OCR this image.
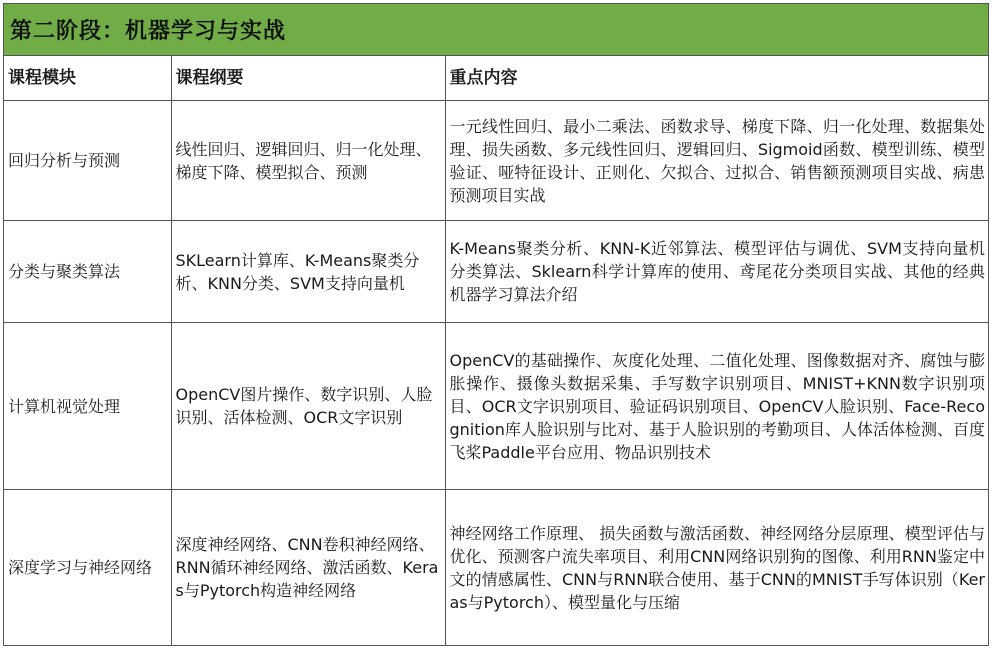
第二阶段：机器学习与实战
课程模块	课程纲要	重点内容
回归分析与预测	线性回归、逻辑回归、归一化处理、梯度下降、模型拟合、预测	一元线性回归、最小二乘法、函数求导、梯度下降、归一化处理、数据集处理、损失函数、多元线性回归、逻辑回归、Sigmoid函数、模型训练、模型验证、哑特征设计、正则化、欠拟合、过拟合、销售额预测项目实战、病患预测项目实战
分类与聚类算法	SKLearn计算库、K-Means聚类分析、KNN分类、SVM支持向量机	K-Means聚类分析、KNN-K近邻算法、模型评估与调优、SVM支持向量机分类算法、Sklearn科学计算库的使用、鸢尾花分类项目实战、其他的经典机器学习算法介绍
计算机视觉处理	OpenCV图片操作、数字识别、人脸识别、活体检测、OCR文字识别	OpenCV的基础操作、灰度化处理、二值化处理、图像数据对齐、腐蚀与膨胀操作、摄像头数据采集、手写数字识别项目、MNIST+KNN数字识别项目、OCR文字识别项目、验证码识别项目、OpenCV人脸识别、Face-Recognition库人脸识别与比对、基于人脸识别的考勤项目、人体活体检测、百度飞桨Paddle平台应用、物品识别技术
深度学习与神经网络	深度神经网络、CNN卷积神经网络、RNN循环神经网络、激活函数、Keras与Pytorch构造神经网络	神经网络工作原理、 损失函数与激活函数、神经网络分层原理、模型评估与优化、预测客户流失率项目、利用CNN网络识别狗的图像、利用RNN鉴定中文的情感属性、CNN与RNN联合使用、基于CNN的MNIST手写体识别（Keras与Pytorch）、模型量化与压缩
